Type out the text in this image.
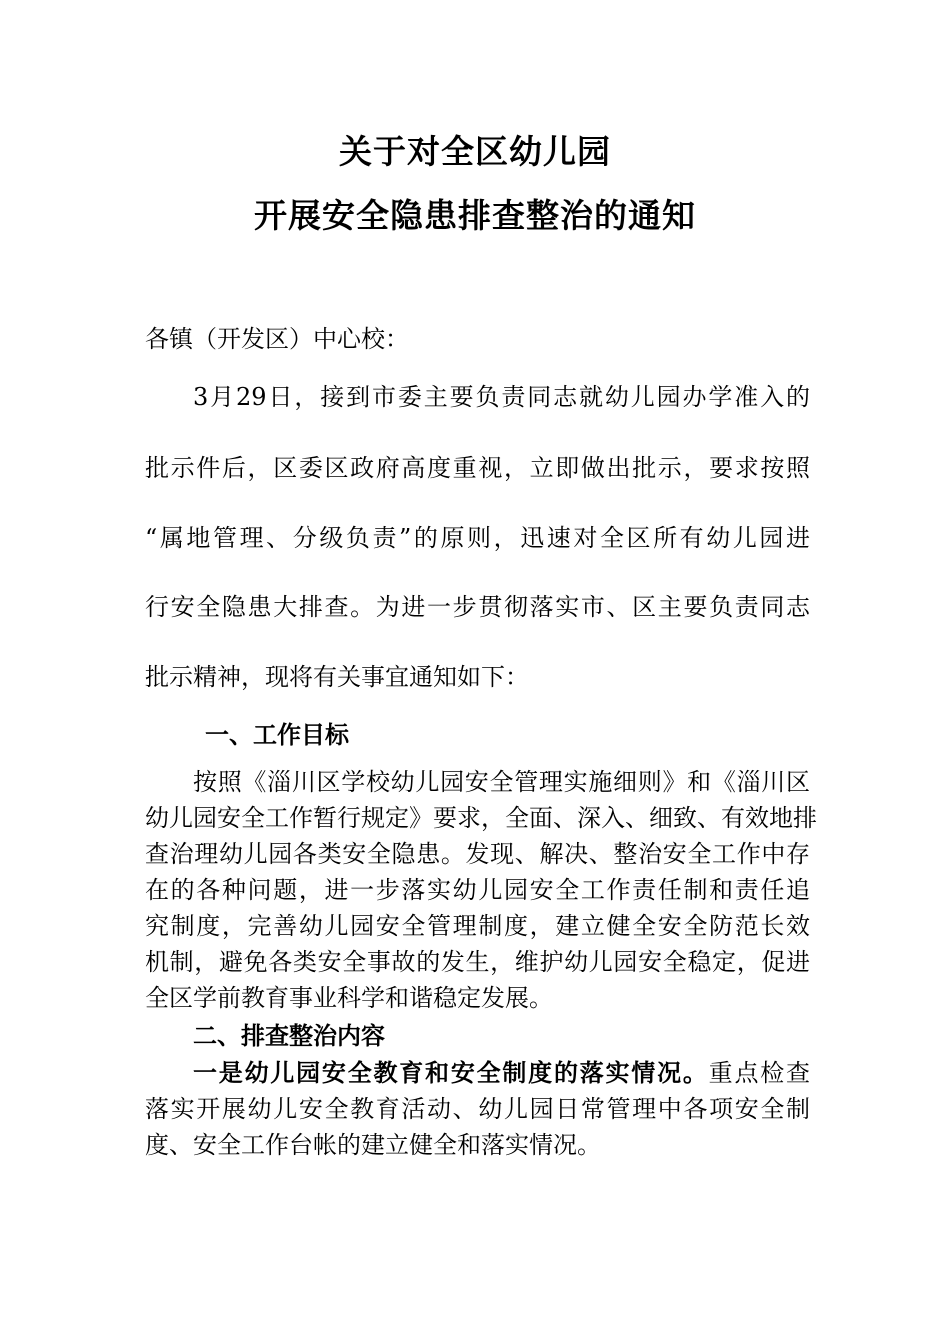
关于对全区幼儿园
开展安全隐患排查整治的通知
各镇（开发区）中心校：
3月29日，接到市委主要负责同志就幼儿园办学准入的
批示件后，区委区政府高度重视，立即做出批示，要求按照
“属地管理、分级负责”的原则，迅速对全区所有幼儿园进
行安全隐患大排查。为进一步贯彻落实市、区主要负责同志
批示精神，现将有关事宜通知如下：
一、工作目标
按照《淄川区学校幼儿园安全管理实施细则》和《淄川区
幼儿园安全工作暂行规定》要求，全面、深入、细致、有效地排
查治理幼儿园各类安全隐患。发现、解决、整治安全工作中存
在的各种问题，进一步落实幼儿园安全工作责任制和责任追
究制度，完善幼儿园安全管理制度，建立健全安全防范长效
机制，避免各类安全事故的发生，维护幼儿园安全稳定，促进
全区学前教育事业科学和谐稳定发展。
二、排查整治内容
一是幼儿园安全教育和安全制度的落实情况。重点检查
落实开展幼儿安全教育活动、幼儿园日常管理中各项安全制
度、安全工作台帐的建立健全和落实情况。
